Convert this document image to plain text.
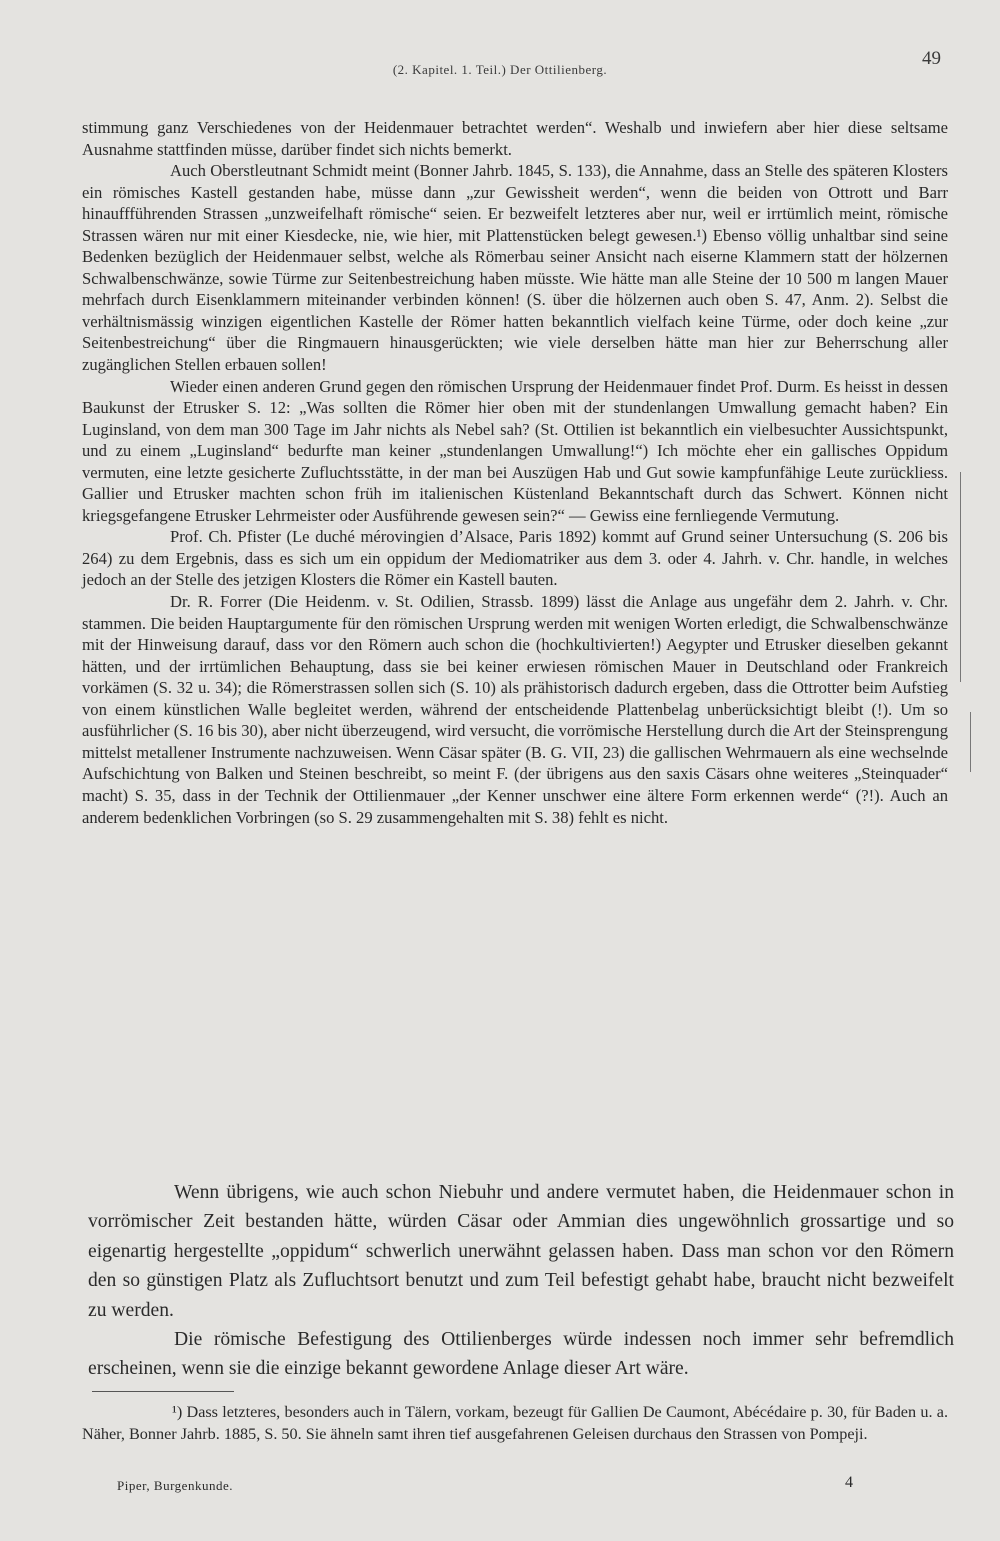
(2. Kapitel. 1. Teil.) Der Ottilienberg.
49

stimmung ganz Verschiedenes von der Heidenmauer betrachtet werden“. Weshalb und inwiefern aber hier diese seltsame Ausnahme stattfinden müsse, darüber findet sich nichts bemerkt.

Auch Oberstleutnant Schmidt meint (Bonner Jahrb. 1845, S. 133), die Annahme, dass an Stelle des späteren Klosters ein römisches Kastell gestanden habe, müsse dann „zur Gewissheit werden“, wenn die beiden von Ottrott und Barr hinauffführenden Strassen „unzweifelhaft römische“ seien. Er bezweifelt letzteres aber nur, weil er irrtümlich meint, römische Strassen wären nur mit einer Kiesdecke, nie, wie hier, mit Plattenstücken belegt gewesen.¹) Ebenso völlig unhaltbar sind seine Bedenken bezüglich der Heidenmauer selbst, welche als Römerbau seiner Ansicht nach eiserne Klammern statt der hölzernen Schwalbenschwänze, sowie Türme zur Seitenbestreichung haben müsste. Wie hätte man alle Steine der 10 500 m langen Mauer mehrfach durch Eisenklammern miteinander verbinden können! (S. über die hölzernen auch oben S. 47, Anm. 2). Selbst die verhältnismässig winzigen eigentlichen Kastelle der Römer hatten bekanntlich vielfach keine Türme, oder doch keine „zur Seitenbestreichung“ über die Ringmauern hinausgerückten; wie viele derselben hätte man hier zur Beherrschung aller zugänglichen Stellen erbauen sollen!

Wieder einen anderen Grund gegen den römischen Ursprung der Heidenmauer findet Prof. Durm. Es heisst in dessen Baukunst der Etrusker S. 12: „Was sollten die Römer hier oben mit der stundenlangen Umwallung gemacht haben? Ein Luginsland, von dem man 300 Tage im Jahr nichts als Nebel sah? (St. Ottilien ist bekanntlich ein vielbesuchter Aussichtspunkt, und zu einem „Luginsland“ bedurfte man keiner „stundenlangen Umwallung!“) Ich möchte eher ein gallisches Oppidum vermuten, eine letzte gesicherte Zufluchtsstätte, in der man bei Auszügen Hab und Gut sowie kampfunfähige Leute zurückliess. Gallier und Etrusker machten schon früh im italienischen Küstenland Bekanntschaft durch das Schwert. Können nicht kriegsgefangene Etrusker Lehrmeister oder Ausführende gewesen sein?“ — Gewiss eine fernliegende Vermutung.

Prof. Ch. Pfister (Le duché mérovingien d’Alsace, Paris 1892) kommt auf Grund seiner Untersuchung (S. 206 bis 264) zu dem Ergebnis, dass es sich um ein oppidum der Mediomatriker aus dem 3. oder 4. Jahrh. v. Chr. handle, in welches jedoch an der Stelle des jetzigen Klosters die Römer ein Kastell bauten.

Dr. R. Forrer (Die Heidenm. v. St. Odilien, Strassb. 1899) lässt die Anlage aus ungefähr dem 2. Jahrh. v. Chr. stammen. Die beiden Hauptargumente für den römischen Ursprung werden mit wenigen Worten erledigt, die Schwalbenschwänze mit der Hinweisung darauf, dass vor den Römern auch schon die (hochkultivierten!) Aegypter und Etrusker dieselben gekannt hätten, und der irrtümlichen Behauptung, dass sie bei keiner erwiesen römischen Mauer in Deutschland oder Frankreich vorkämen (S. 32 u. 34); die Römerstrassen sollen sich (S. 10) als prähistorisch dadurch ergeben, dass die Ottrotter beim Aufstieg von einem künstlichen Walle begleitet werden, während der entscheidende Plattenbelag unberücksichtigt bleibt (!). Um so ausführlicher (S. 16 bis 30), aber nicht überzeugend, wird versucht, die vorrömische Herstellung durch die Art der Steinsprengung mittelst metallener Instrumente nachzuweisen. Wenn Cäsar später (B. G. VII, 23) die gallischen Wehrmauern als eine wechselnde Aufschichtung von Balken und Steinen beschreibt, so meint F. (der übrigens aus den saxis Cäsars ohne weiteres „Steinquader“ macht) S. 35, dass in der Technik der Ottilienmauer „der Kenner unschwer eine ältere Form erkennen werde“ (?!). Auch an anderem bedenklichen Vorbringen (so S. 29 zusammengehalten mit S. 38) fehlt es nicht.

Wenn übrigens, wie auch schon Niebuhr und andere vermutet haben, die Heidenmauer schon in vorrömischer Zeit bestanden hätte, würden Cäsar oder Ammian dies ungewöhnlich grossartige und so eigenartig hergestellte „oppidum“ schwerlich unerwähnt gelassen haben. Dass man schon vor den Römern den so günstigen Platz als Zufluchtsort benutzt und zum Teil befestigt gehabt habe, braucht nicht bezweifelt zu werden.

Die römische Befestigung des Ottilienberges würde indessen noch immer sehr befremdlich erscheinen, wenn sie die einzige bekannt gewordene Anlage dieser Art wäre.

¹) Dass letzteres, besonders auch in Tälern, vorkam, bezeugt für Gallien De Caumont, Abécédaire p. 30, für Baden u. a. Näher, Bonner Jahrb. 1885, S. 50. Sie ähneln samt ihren tief ausgefahrenen Geleisen durchaus den Strassen von Pompeji.

Piper, Burgenkunde.	4
